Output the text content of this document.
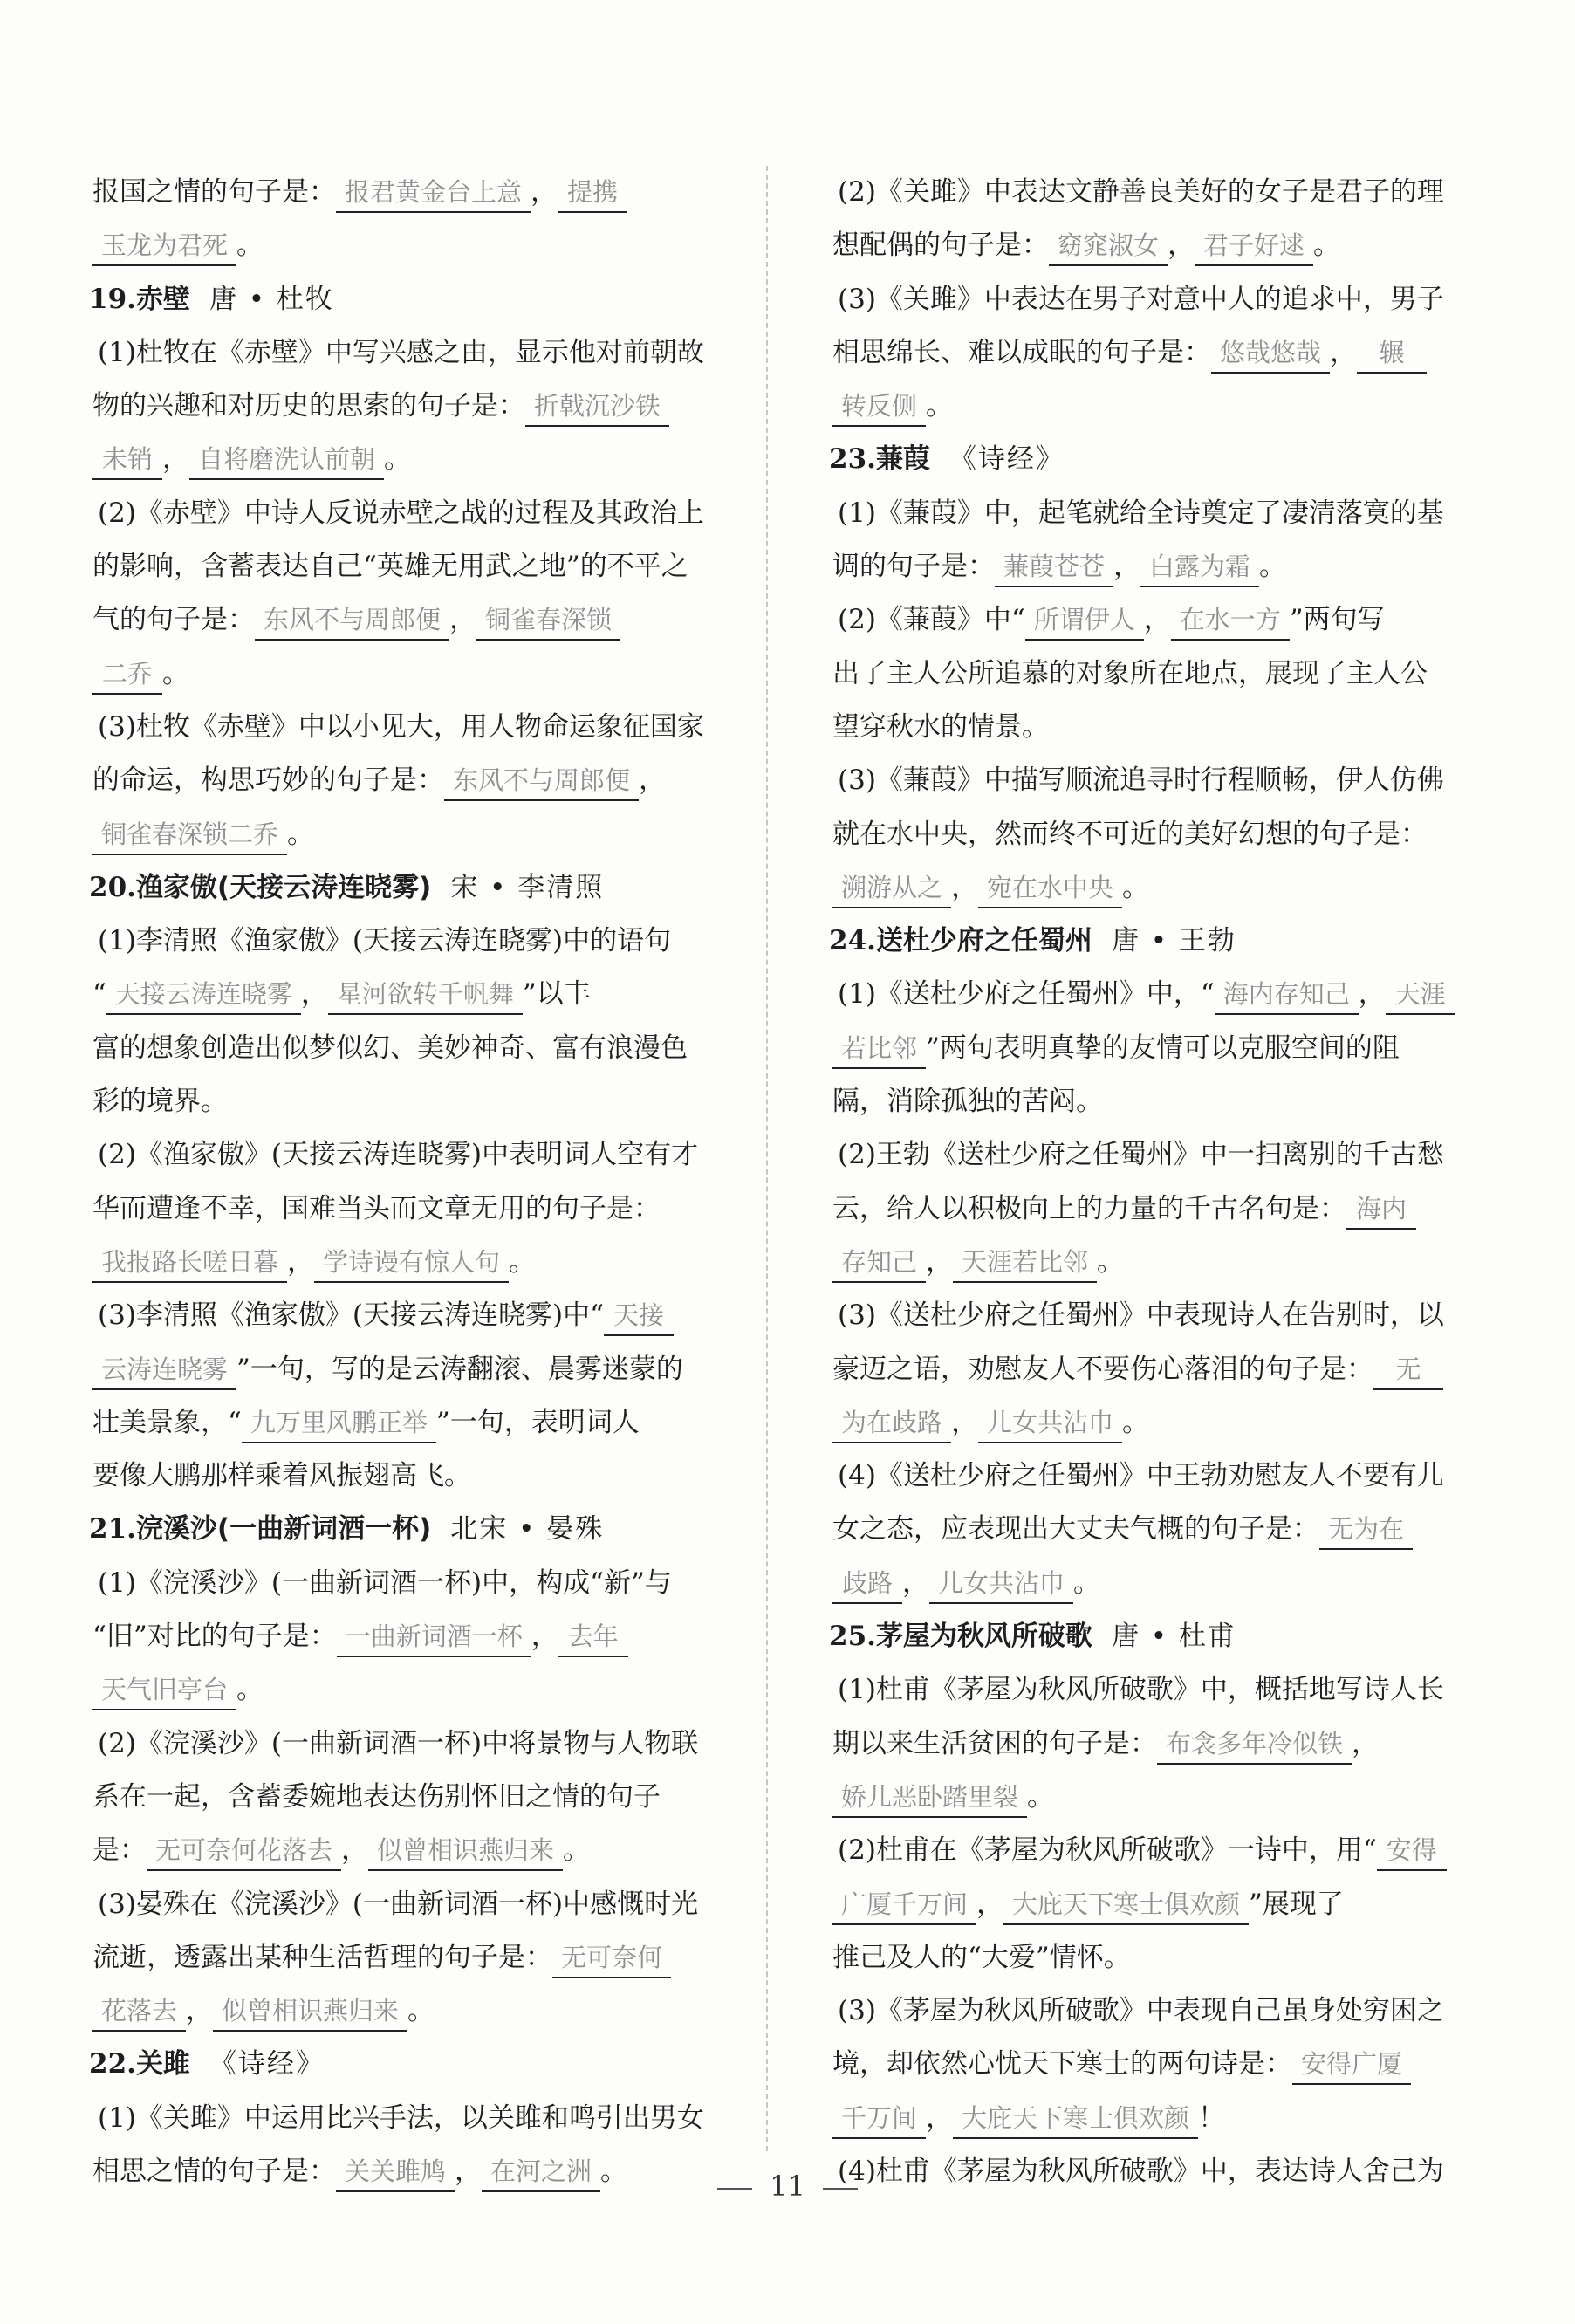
报国之情的句子是： 报君黄金台上意 ， 提携
玉龙为君死 。
19.赤壁 唐 • 杜牧
(1)杜牧在《赤壁》中写兴感之由，显示他对前朝故
物的兴趣和对历史的思索的句子是： 折戟沉沙铁
未销 ， 自将磨洗认前朝 。
(2)《赤壁》中诗人反说赤壁之战的过程及其政治上
的影响，含蓄表达自己“英雄无用武之地”的不平之
气的句子是： 东风不与周郎便 ， 铜雀春深锁
二乔 。
(3)杜牧《赤壁》中以小见大，用人物命运象征国家
的命运，构思巧妙的句子是： 东风不与周郎便 ，
铜雀春深锁二乔 。
20.渔家傲(天接云涛连晓雾) 宋 • 李清照
(1)李清照《渔家傲》(天接云涛连晓雾)中的语句
“ 天接云涛连晓雾 ， 星河欲转千帆舞 ”以丰
富的想象创造出似梦似幻、美妙神奇、富有浪漫色
彩的境界。
(2)《渔家傲》(天接云涛连晓雾)中表明词人空有才
华而遭逢不幸，国难当头而文章无用的句子是：
我报路长嗟日暮 ， 学诗谩有惊人句 。
(3)李清照《渔家傲》(天接云涛连晓雾)中“ 天接
云涛连晓雾 ”一句，写的是云涛翻滚、晨雾迷蒙的
壮美景象，“ 九万里风鹏正举 ”一句，表明词人
要像大鹏那样乘着风振翅高飞。
21.浣溪沙(一曲新词酒一杯) 北宋 • 晏殊
(1)《浣溪沙》(一曲新词酒一杯)中，构成“新”与
“旧”对比的句子是： 一曲新词酒一杯 ， 去年
天气旧亭台 。
(2)《浣溪沙》(一曲新词酒一杯)中将景物与人物联
系在一起，含蓄委婉地表达伤别怀旧之情的句子
是： 无可奈何花落去 ， 似曾相识燕归来 。
(3)晏殊在《浣溪沙》(一曲新词酒一杯)中感慨时光
流逝，透露出某种生活哲理的句子是： 无可奈何
花落去 ， 似曾相识燕归来 。
22.关雎 《诗经》
(1)《关雎》中运用比兴手法，以关雎和鸣引出男女
相思之情的句子是： 关关雎鸠 ， 在河之洲 。
(2)《关雎》中表达文静善良美好的女子是君子的理
想配偶的句子是： 窈窕淑女 ， 君子好逑 。
(3)《关雎》中表达在男子对意中人的追求中，男子
相思绵长、难以成眠的句子是： 悠哉悠哉 ， 辗
转反侧 。
23.蒹葭 《诗经》
(1)《蒹葭》中，起笔就给全诗奠定了凄清落寞的基
调的句子是： 蒹葭苍苍 ， 白露为霜 。
(2)《蒹葭》中“ 所谓伊人 ， 在水一方 ”两句写
出了主人公所追慕的对象所在地点，展现了主人公
望穿秋水的情景。
(3)《蒹葭》中描写顺流追寻时行程顺畅，伊人仿佛
就在水中央，然而终不可近的美好幻想的句子是：
溯游从之 ， 宛在水中央 。
24.送杜少府之任蜀州 唐 • 王勃
(1)《送杜少府之任蜀州》中，“ 海内存知己 ， 天涯
若比邻 ”两句表明真挚的友情可以克服空间的阻
隔，消除孤独的苦闷。
(2)王勃《送杜少府之任蜀州》中一扫离别的千古愁
云，给人以积极向上的力量的千古名句是： 海内
存知己 ， 天涯若比邻 。
(3)《送杜少府之任蜀州》中表现诗人在告别时，以
豪迈之语，劝慰友人不要伤心落泪的句子是： 无
为在歧路 ， 儿女共沾巾 。
(4)《送杜少府之任蜀州》中王勃劝慰友人不要有儿
女之态，应表现出大丈夫气概的句子是： 无为在
歧路 ， 儿女共沾巾 。
25.茅屋为秋风所破歌 唐 • 杜甫
(1)杜甫《茅屋为秋风所破歌》中，概括地写诗人长
期以来生活贫困的句子是： 布衾多年冷似铁 ，
娇儿恶卧踏里裂 。
(2)杜甫在《茅屋为秋风所破歌》一诗中，用“ 安得
广厦千万间 ， 大庇天下寒士俱欢颜 ”展现了
推己及人的“大爱”情怀。
(3)《茅屋为秋风所破歌》中表现自己虽身处穷困之
境，却依然心忧天下寒士的两句诗是： 安得广厦
千万间 ， 大庇天下寒士俱欢颜 ！
(4)杜甫《茅屋为秋风所破歌》中，表达诗人舍己为
11
